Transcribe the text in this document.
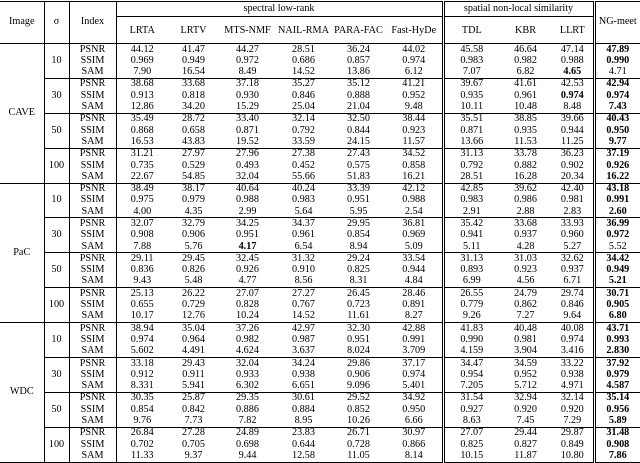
Image	σ	Index	spectral low-rank						spatial non-local similarity			NG-meet
			LRTA	LRTV	MTS-NMF	NAIL-RMA	PARA-FAC	Fast-HyDe	TDL	KBR	LLRT	
CAVE	10	PSNR	44.12	41.47	44.27	28.51	36.24	44.02	45.58	46.64	47.14	47.89
		SSIM	0.969	0.949	0.972	0.686	0.857	0.974	0.983	0.982	0.988	0.990
		SAM	7.90	16.54	8.49	14.52	13.86	6.12	7.07	6.82	4.65	4.71
	30	PSNR	38.68	33.68	37.18	35.27	35.12	41.21	39.67	41.61	42.53	42.94
		SSIM	0.913	0.818	0.930	0.846	0.888	0.952	0.935	0.961	0.974	0.974
		SAM	12.86	34.20	15.29	25.04	21.04	9.48	10.11	10.48	8.48	7.43
	50	PSNR	35.49	28.72	33.40	32.14	32.50	38.44	35.51	38.85	39.66	40.43
		SSIM	0.868	0.658	0.871	0.792	0.844	0.923	0.871	0.935	0.944	0.950
		SAM	16.53	43.83	19.52	33.59	24.15	11.57	13.66	11.53	11.25	9.77
	100	PSNR	31.21	27.97	27.96	27.38	27.43	34.52	31.13	33.78	36.23	37.19
		SSIM	0.735	0.529	0.493	0.452	0.575	0.858	0.792	0.882	0.902	0.926
		SAM	22.67	54.85	32.04	55.66	51.83	16.21	28.51	16.28	20.34	16.22
PaC	10	PSNR	38.49	38.17	40.64	40.24	33.39	42.12	42.85	39.62	42.40	43.18
		SSIM	0.975	0.979	0.988	0.983	0.951	0.988	0.983	0.986	0.981	0.991
		SAM	4.00	4.35	2.99	5.64	5.95	2.54	2.91	2.88	2.83	2.60
	30	PSNR	32.07	32.79	34.25	34.37	29.95	36.81	35.42	33.68	33.93	36.99
		SSIM	0.908	0.906	0.951	0.961	0.854	0.969	0.941	0.937	0.960	0.972
		SAM	7.88	5.76	4.17	6.54	8.94	5.09	5.11	4.28	5.27	5.52
	50	PSNR	29.11	29.45	32.45	31.32	29.24	33.54	31.13	31.03	32.62	34.42
		SSIM	0.836	0.826	0.926	0.910	0.825	0.944	0.893	0.923	0.937	0.949
		SAM	9.43	5.48	4.77	8.56	8.31	4.84	6.99	4.56	6.71	5.21
	100	PSNR	25.13	26.22	27.07	27.27	26.45	28.46	26.55	24.79	29.74	30.71
		SSIM	0.655	0.729	0.828	0.767	0.723	0.891	0.779	0.862	0.846	0.905
		SAM	10.17	12.76	10.24	14.52	11.61	8.27	9.26	7.27	9.64	6.80
WDC	10	PSNR	38.94	35.04	37.26	42.97	32.30	42.88	41.83	40.48	40.08	43.71
		SSIM	0.974	0.964	0.982	0.987	0.951	0.991	0.990	0.981	0.974	0.993
		SAM	5.602	4.491	4.624	3.637	8.024	3.709	4.159	3.904	3.416	2.830
	30	PSNR	33.18	29.43	32.04	34.24	29.86	37.17	34.47	34.59	33.22	37.92
		SSIM	0.912	0.911	0.933	0.938	0.906	0.974	0.954	0.952	0.938	0.979
		SAM	8.331	5.941	6.302	6.651	9.096	5.401	7.205	5.712	4.971	4.587
	50	PSNR	30.35	25.87	29.35	30.61	29.52	34.92	31.54	32.94	32.14	35.14
		SSIM	0.854	0.842	0.886	0.884	0.852	0.950	0.927	0.920	0.920	0.956
		SAM	9.76	7.73	7.82	8.95	10.26	6.66	8.63	7.45	7.29	5.89
	100	PSNR	26.84	27.28	24.89	23.83	26.71	30.97	27.07	29.44	29.87	31.48
		SSIM	0.702	0.705	0.698	0.644	0.728	0.866	0.825	0.827	0.849	0.908
		SAM	11.33	9.37	9.44	12.58	11.05	8.14	10.15	11.87	10.80	7.86
